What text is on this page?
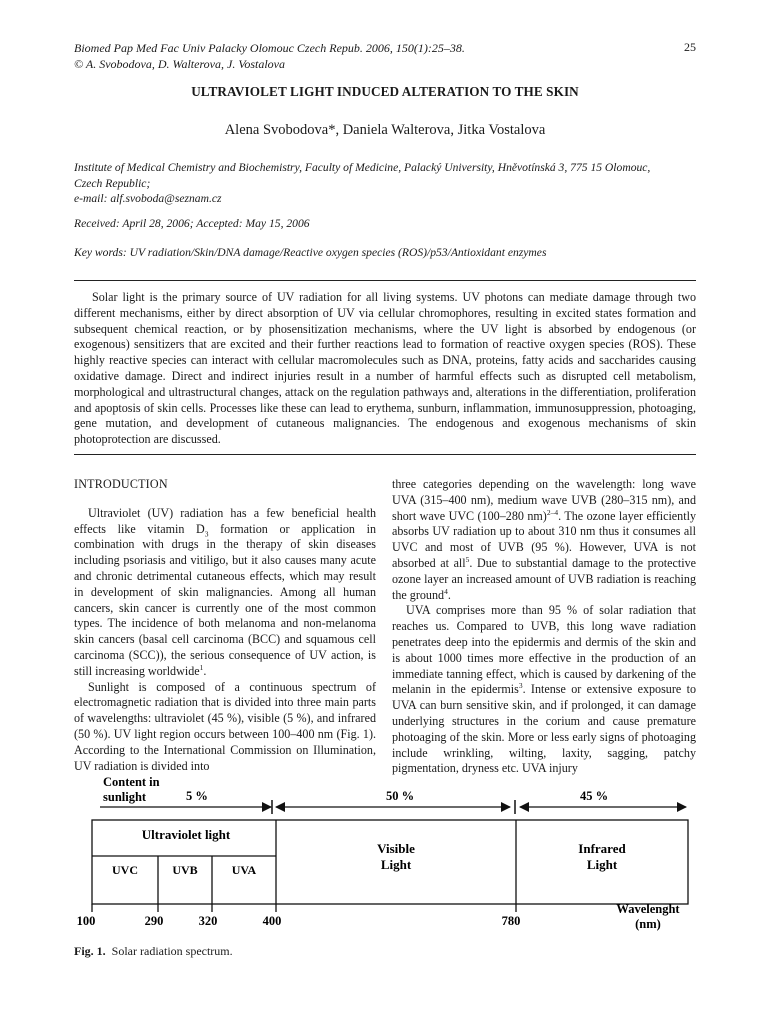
Biomed Pap Med Fac Univ Palacky Olomouc Czech Repub. 2006, 150(1):25–38.
© A. Svobodova, D. Walterova, J. Vostalova
25
ULTRAVIOLET LIGHT INDUCED ALTERATION TO THE SKIN
Alena Svobodova*, Daniela Walterova, Jitka Vostalova
Institute of Medical Chemistry and Biochemistry, Faculty of Medicine, Palacký University, Hněvotínská 3, 775 15 Olomouc,
Czech Republic;
e-mail: alf.svoboda@seznam.cz
Received: April 28, 2006; Accepted: May 15, 2006
Key words: UV radiation/Skin/DNA damage/Reactive oxygen species (ROS)/p53/Antioxidant enzymes

Solar light is the primary source of UV radiation for all living systems. UV photons can mediate damage through two different mechanisms, either by direct absorption of UV via cellular chromophores, resulting in excited states formation and subsequent chemical reaction, or by phosensitization mechanisms, where the UV light is absorbed by endogenous (or exogenous) sensitizers that are excited and their further reactions lead to formation of reactive oxygen species (ROS). These highly reactive species can interact with cellular macromolecules such as DNA, proteins, fatty acids and saccharides causing oxidative damage. Direct and indirect injuries result in a number of harmful effects such as disrupted cell metabolism, morphological and ultrastructural changes, attack on the regulation pathways and, alterations in the differentiation, proliferation and apoptosis of skin cells. Processes like these can lead to erythema, sunburn, inflammation, immunosuppression, photoaging, gene mutation, and development of cutaneous malignancies. The endogenous and exogenous mechanisms of skin photoprotection are discussed.

INTRODUCTION

Ultraviolet (UV) radiation has a few beneficial health effects like vitamin $D_3$ formation or application in combination with drugs in the therapy of skin diseases including psoriasis and vitiligo, but it also causes many acute and chronic detrimental cutaneous effects, which may result in development of skin malignancies. Among all human cancers, skin cancer is currently one of the most common types. The incidence of both melanoma and non-melanoma skin cancers (basal cell carcinoma (BCC) and squamous cell carcinoma (SCC)), the serious consequence of UV action, is still increasing worldwide$^1$.

Sunlight is composed of a continuous spectrum of electromagnetic radiation that is divided into three main parts of wavelengths: ultraviolet (45 %), visible (5 %), and infrared (50 %). UV light region occurs between 100–400 nm (Fig. 1). According to the International Commission on Illumination, UV radiation is divided into

three categories depending on the wavelength: long wave UVA (315–400 nm), medium wave UVB (280–315 nm), and short wave UVC (100–280 nm)$^{2-4}$. The ozone layer efficiently absorbs UV radiation up to about 310 nm thus it consumes all UVC and most of UVB (95 %). However, UVA is not absorbed at all$^5$. Due to substantial damage to the protective ozone layer an increased amount of UVB radiation is reaching the ground$^4$.

UVA comprises more than 95 % of solar radiation that reaches us. Compared to UVB, this long wave radiation penetrates deep into the epidermis and dermis of the skin and is about 1000 times more effective in the production of an immediate tanning effect, which is caused by darkening of the melanin in the epidermis$^3$. Intense or extensive exposure to UVA can burn sensitive skin, and if prolonged, it can damage underlying structures in the corium and cause premature photoaging of the skin. More or less early signs of photoaging include wrinkling, wilting, laxity, sagging, patchy pigmentation, dryness etc. UVA injury

Content in
sunlight	5 %	50 %	45 %
Ultraviolet light
UVC	UVB	UVA
Visible
Light
Infrared
Light
100	290	320	400	780
Wavelenght
(nm)
Fig. 1. Solar radiation spectrum.
